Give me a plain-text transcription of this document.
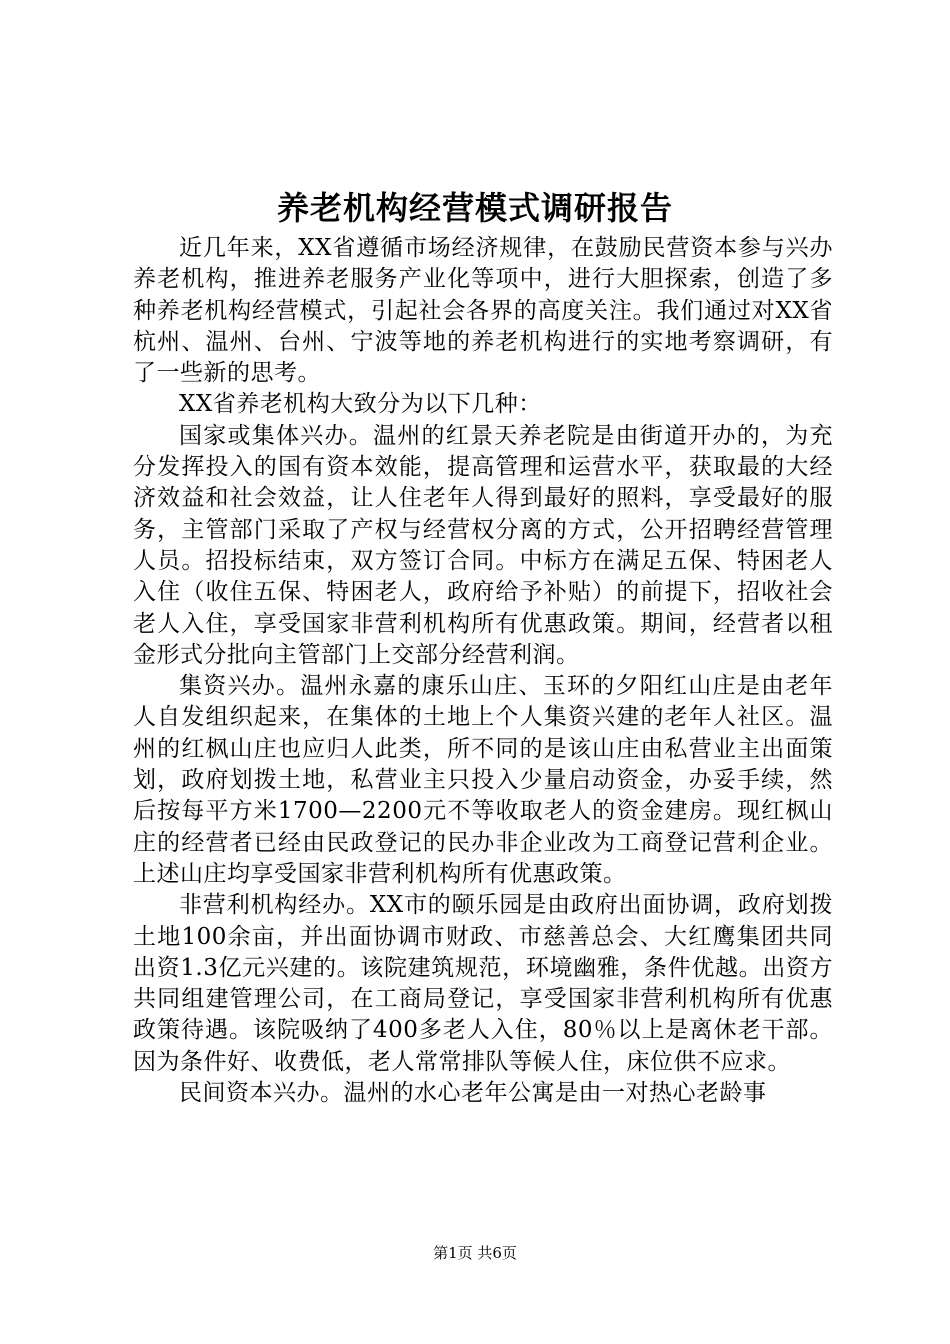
养老机构经营模式调研报告

近几年来，XX省遵循市场经济规律，在鼓励民营资本参与兴办养老机构，推进养老服务产业化等项中，进行大胆探索，创造了多种养老机构经营模式，引起社会各界的高度关注。我们通过对XX省杭州、温州、台州、宁波等地的养老机构进行的实地考察调研，有了一些新的思考。

XX省养老机构大致分为以下几种：

国家或集体兴办。温州的红景天养老院是由街道开办的，为充分发挥投入的国有资本效能，提高管理和运营水平，获取最的大经济效益和社会效益，让人住老年人得到最好的照料，享受最好的服务，主管部门采取了产权与经营权分离的方式，公开招聘经营管理人员。招投标结束，双方签订合同。中标方在满足五保、特困老人入住（收住五保、特困老人，政府给予补贴）的前提下，招收社会老人入住，享受国家非营利机构所有优惠政策。期间，经营者以租金形式分批向主管部门上交部分经营利润。

集资兴办。温州永嘉的康乐山庄、玉环的夕阳红山庄是由老年人自发组织起来，在集体的土地上个人集资兴建的老年人社区。温州的红枫山庄也应归人此类，所不同的是该山庄由私营业主出面策划，政府划拨土地，私营业主只投入少量启动资金，办妥手续，然后按每平方米1700—2200元不等收取老人的资金建房。现红枫山庄的经营者已经由民政登记的民办非企业改为工商登记营利企业。上述山庄均享受国家非营利机构所有优惠政策。

非营利机构经办。XX市的颐乐园是由政府出面协调，政府划拨土地100余亩，并出面协调市财政、市慈善总会、大红鹰集团共同出资1.3亿元兴建的。该院建筑规范，环境幽雅，条件优越。出资方共同组建管理公司，在工商局登记，享受国家非营利机构所有优惠政策待遇。该院吸纳了400多老人入住，80％以上是离休老干部。因为条件好、收费低，老人常常排队等候人住，床位供不应求。

民间资本兴办。温州的水心老年公寓是由一对热心老龄事

第1页 共6页
